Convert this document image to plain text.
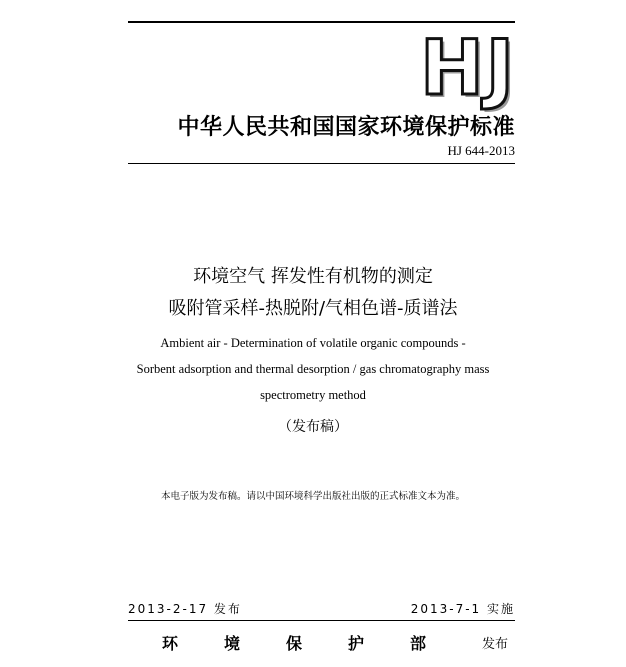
HJ
中华人民共和国国家环境保护标准
HJ 644-2013
环境空气 挥发性有机物的测定
吸附管采样-热脱附/气相色谱-质谱法
Ambient air - Determination of volatile organic compounds -
Sorbent adsorption and thermal desorption / gas chromatography mass
spectrometry method
（发布稿）
本电子版为发布稿。请以中国环境科学出版社出版的正式标准文本为准。
2013-2-17 发布	2013-7-1 实施
环境保护部 发布
